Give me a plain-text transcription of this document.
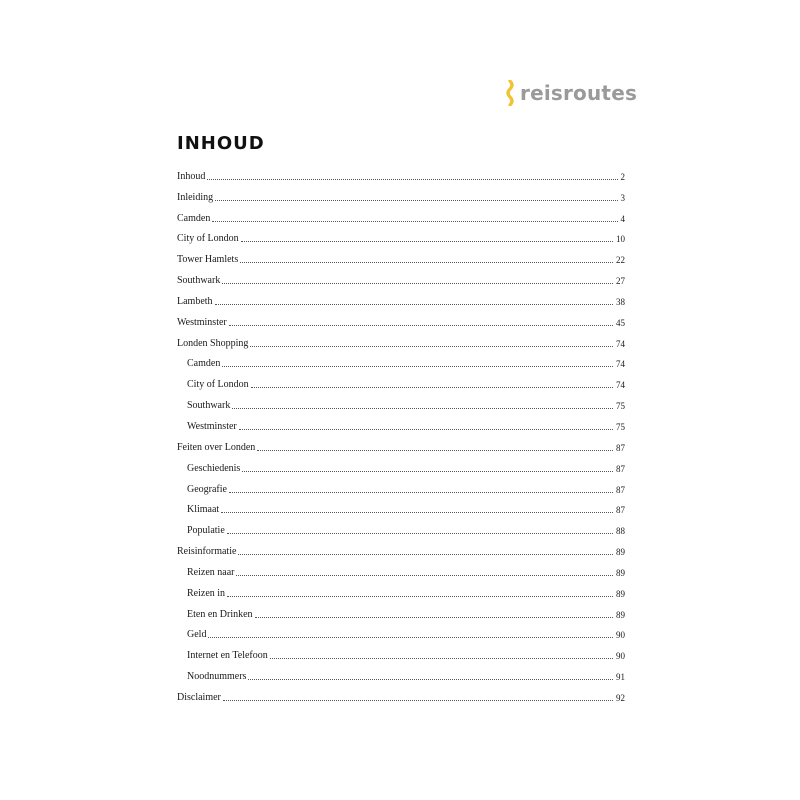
reisroutes
INHOUD
Inhoud	2
Inleiding	3
Camden	4
City of London	10
Tower Hamlets	22
Southwark	27
Lambeth	38
Westminster	45
Londen Shopping	74
Camden	74
City of London	74
Southwark	75
Westminster	75
Feiten over Londen	87
Geschiedenis	87
Geografie	87
Klimaat	87
Populatie	88
Reisinformatie	89
Reizen naar	89
Reizen in	89
Eten en Drinken	89
Geld	90
Internet en Telefoon	90
Noodnummers	91
Disclaimer	92
